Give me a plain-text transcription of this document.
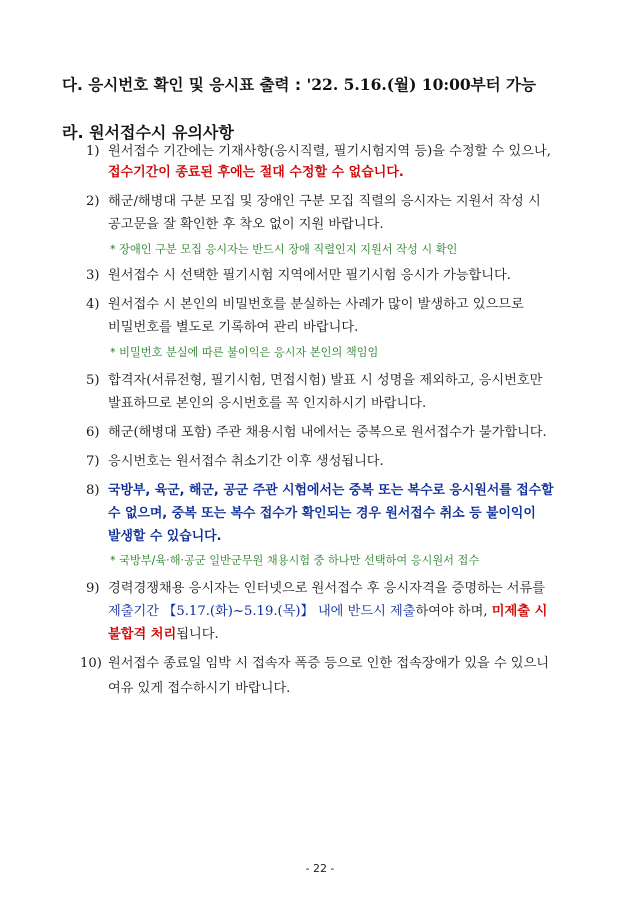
다. 응시번호 확인 및 응시표 출력 : '22. 5.16.(월) 10:00부터 가능
라. 원서접수시 유의사항
1) 원서접수 기간에는 기재사항(응시직렬, 필기시험지역 등)을 수정할 수 있으나,
접수기간이 종료된 후에는 절대 수정할 수 없습니다.
2) 해군/해병대 구분 모집 및 장애인 구분 모집 직렬의 응시자는 지원서 작성 시
공고문을 잘 확인한 후 착오 없이 지원 바랍니다.
* 장애인 구분 모집 응시자는 반드시 장애 직렬인지 지원서 작성 시 확인
3) 원서접수 시 선택한 필기시험 지역에서만 필기시험 응시가 가능합니다.
4) 원서접수 시 본인의 비밀번호를 분실하는 사례가 많이 발생하고 있으므로
비밀번호를 별도로 기록하여 관리 바랍니다.
* 비밀번호 분실에 따른 불이익은 응시자 본인의 책임임
5) 합격자(서류전형, 필기시험, 면접시험) 발표 시 성명을 제외하고, 응시번호만
발표하므로 본인의 응시번호를 꼭 인지하시기 바랍니다.
6) 해군(해병대 포함) 주관 채용시험 내에서는 중복으로 원서접수가 불가합니다.
7) 응시번호는 원서접수 취소기간 이후 생성됩니다.
8) 국방부, 육군, 해군, 공군 주관 시험에서는 중복 또는 복수로 응시원서를 접수할
수 없으며, 중복 또는 복수 접수가 확인되는 경우 원서접수 취소 등 불이익이
발생할 수 있습니다.
* 국방부/육·해·공군 일반군무원 채용시험 중 하나만 선택하여 응시원서 접수
9) 경력경쟁채용 응시자는 인터넷으로 원서접수 후 응시자격을 증명하는 서류를
제출기간 【5.17.(화)~5.19.(목)】 내에 반드시 제출하여야 하며, 미제출 시
불합격 처리됩니다.
10) 원서접수 종료일 임박 시 접속자 폭증 등으로 인한 접속장애가 있을 수 있으니
여유 있게 접수하시기 바랍니다.
- 22 -
